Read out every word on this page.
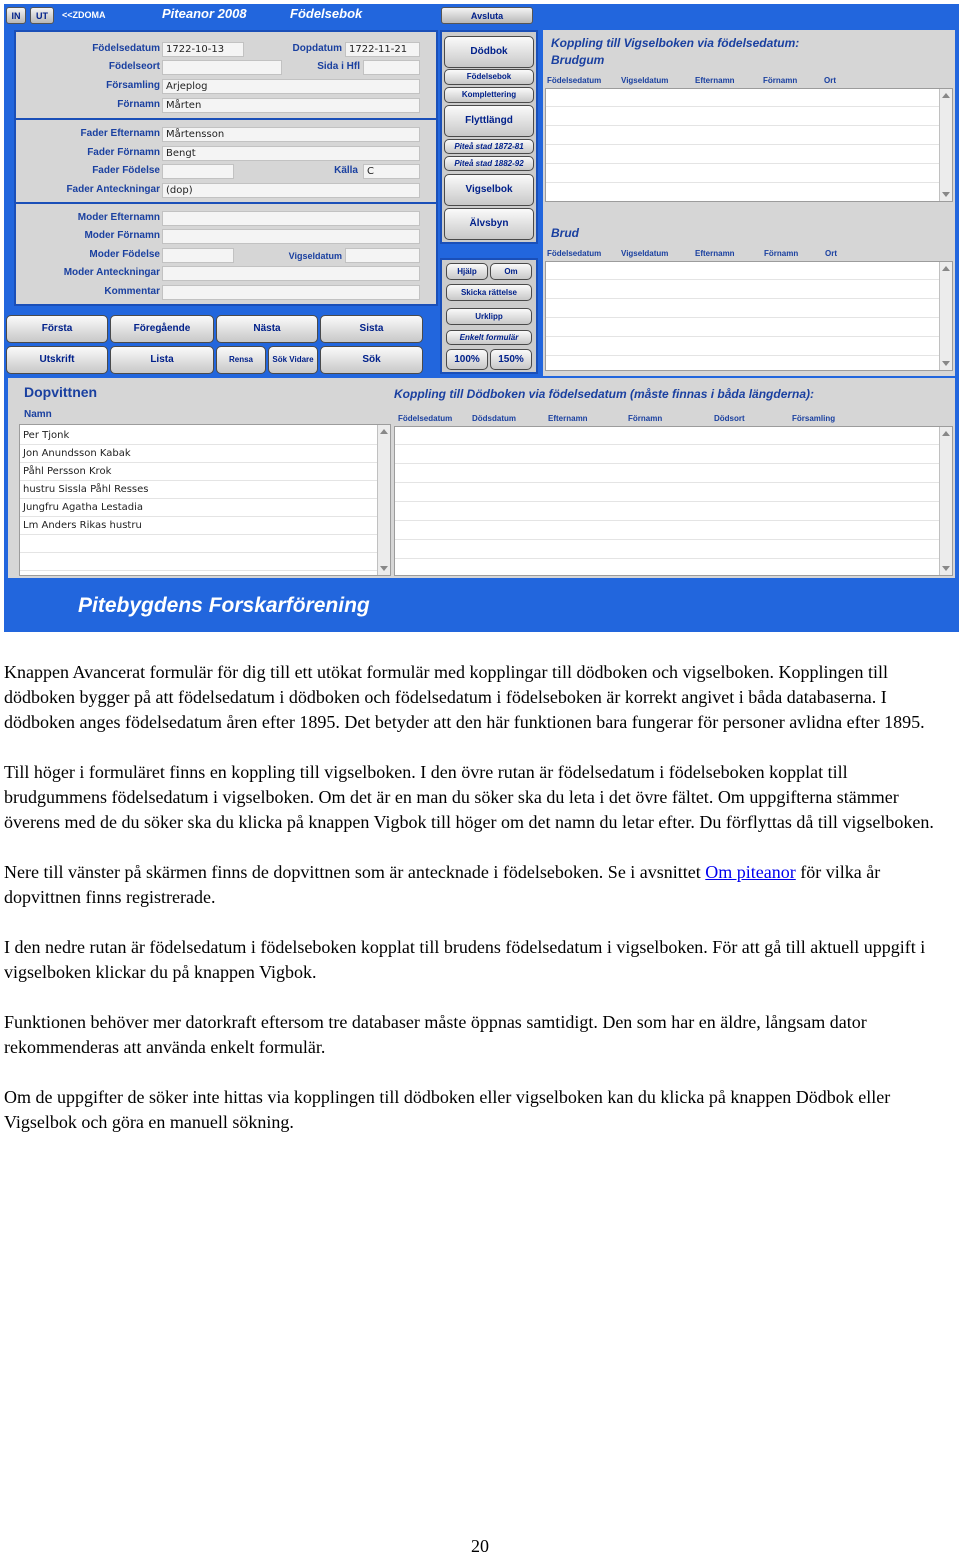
IN	UT	<<ZDOMA	Piteanor 2008	Födelsebok	Avsluta
Födelsedatum 1722-10-13	Dopdatum 1722-11-21
Födelseort	Sida i Hfl
Församling Arjeplog
Förnamn Mårten
Fader Efternamn Mårtensson
Fader Förnamn Bengt
Fader Födelse	Källa C
Fader Anteckningar (dop)
Moder Efternamn
Moder Förnamn
Moder Födelse	Vigseldatum
Moder Anteckningar
Kommentar
Dödbok
Födelsebok
Komplettering
Flyttlängd
Piteå stad 1872-81
Piteå stad 1882-92
Vigselbok
Älvsbyn
Hjälp	Om
Skicka rättelse
Urklipp
Enkelt formulär
100%	150%
Första	Föregående	Nästa	Sista
Utskrift	Lista	Rensa	Sök Vidare	Sök
Koppling till Vigselboken via födelsedatum:
Brudgum
Födelsedatum Vigseldatum	Efternamn	Förnamn	Ort
Brud
Födelsedatum Vigseldatum	Efternamn	Förnamn	Ort
Dopvittnen
Namn
Per Tjonk
Jon Anundsson Kabak
Påhl Persson Krok
hustru Sissla Påhl Resses
Jungfru Agatha Lestadia
Lm Anders Rikas hustru
Koppling till Dödboken via födelsedatum (måste finnas i båda längderna):
Födelsedatum Dödsdatum	Efternamn	Förnamn	Dödsort	Församling
Pitebygdens Forskarförening

Knappen Avancerat formulär för dig till ett utökat formulär med kopplingar till dödboken och vigselboken. Kopplingen till dödboken bygger på att födelsedatum i dödboken och födelsedatum i födelseboken är korrekt angivet i båda databaserna. I dödboken anges födelsedatum åren efter 1895. Det betyder att den här funktionen bara fungerar för personer avlidna efter 1895.

Till höger i formuläret finns en koppling till vigselboken. I den övre rutan är födelsedatum i födelseboken kopplat till brudgummens födelsedatum i vigselboken. Om det är en man du söker ska du leta i det övre fältet. Om uppgifterna stämmer överens med de du söker ska du klicka på knappen Vigbok till höger om det namn du letar efter. Du förflyttas då till vigselboken.

Nere till vänster på skärmen finns de dopvittnen som är antecknade i födelseboken. Se i avsnittet Om piteanor för vilka år dopvittnen finns registrerade.

I den nedre rutan är födelsedatum i födelseboken kopplat till brudens födelsedatum i vigselboken. För att gå till aktuell uppgift i vigselboken klickar du på knappen Vigbok.

Funktionen behöver mer datorkraft eftersom tre databaser måste öppnas samtidigt. Den som har en äldre, långsam dator rekommenderas att använda enkelt formulär.

Om de uppgifter de söker inte hittas via kopplingen till dödboken eller vigselboken kan du klicka på knappen Dödbok eller Vigselbok och göra en manuell sökning.

20
